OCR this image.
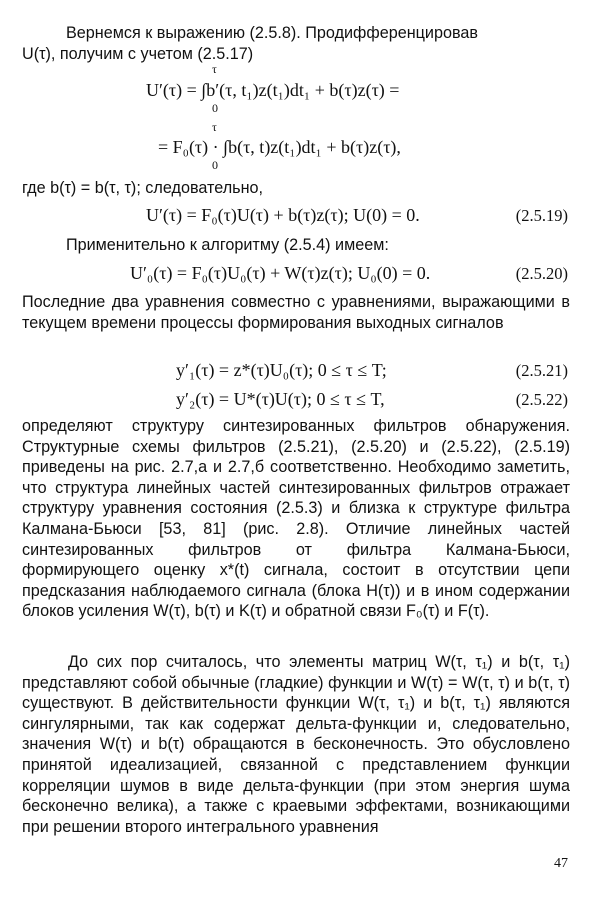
Вернемся к выражению (2.5.8). Продифференцировав
U(τ), получим с учетом (2.5.17)
τ
U′(τ) = ∫b′(τ, t₁)z(t₁)dt₁ + b(τ)z(τ) =
0
τ
= F₀(τ) · ∫b(τ, t)z(t₁)dt₁ + b(τ)z(τ),
0
где b(τ) = b(τ, τ); следовательно,
U′(τ) = F₀(τ)U(τ) + b(τ)z(τ); U(0) = 0.	(2.5.19)
Применительно к алгоритму (2.5.4) имеем:
U′₀(τ) = F₀(τ)U₀(τ) + W(τ)z(τ); U₀(0) = 0.	(2.5.20)

Последние два уравнения совместно с уравнениями, выражающими в текущем времени процессы формирования выходных сигналов

y′₁(τ) = z*(τ)U₀(τ); 0 ≤ τ ≤ T;	(2.5.21)
y′₂(τ) = U*(τ)U(τ); 0 ≤ τ ≤ T,	(2.5.22)

определяют структуру синтезированных фильтров обнаружения. Структурные схемы фильтров (2.5.21), (2.5.20) и (2.5.22), (2.5.19) приведены на рис. 2.7,а и 2.7,б соответственно. Необходимо заметить, что структура линейных частей синтезированных фильтров отражает структуру уравнения состояния (2.5.3) и близка к структуре фильтра Калмана-Бьюси [53, 81] (рис. 2.8). Отличие линейных частей синтезированных фильтров от фильтра Калмана-Бьюси, формирующего оценку x*(t) сигнала, состоит в отсутствии цепи предсказания наблюдаемого сигнала (блока H(τ)) и в ином содержании блоков усиления W(τ), b(τ) и K(τ) и обратной связи F₀(τ) и F(τ).

До сих пор считалось, что элементы матриц W(τ, τ₁) и b(τ, τ₁) представляют собой обычные (гладкие) функции и W(τ) = W(τ, τ) и b(τ, τ) существуют. В действительности функции W(τ, τ₁) и b(τ, τ₁) являются сингулярными, так как содержат дельта-функции и, следовательно, значения W(τ) и b(τ) обращаются в бесконечность. Это обусловлено принятой идеализацией, связанной с представлением функции корреляции шумов в виде дельта-функции (при этом энергия шума бесконечно велика), а также с краевыми эффектами, возникающими при решении второго интегрального уравнения

47
